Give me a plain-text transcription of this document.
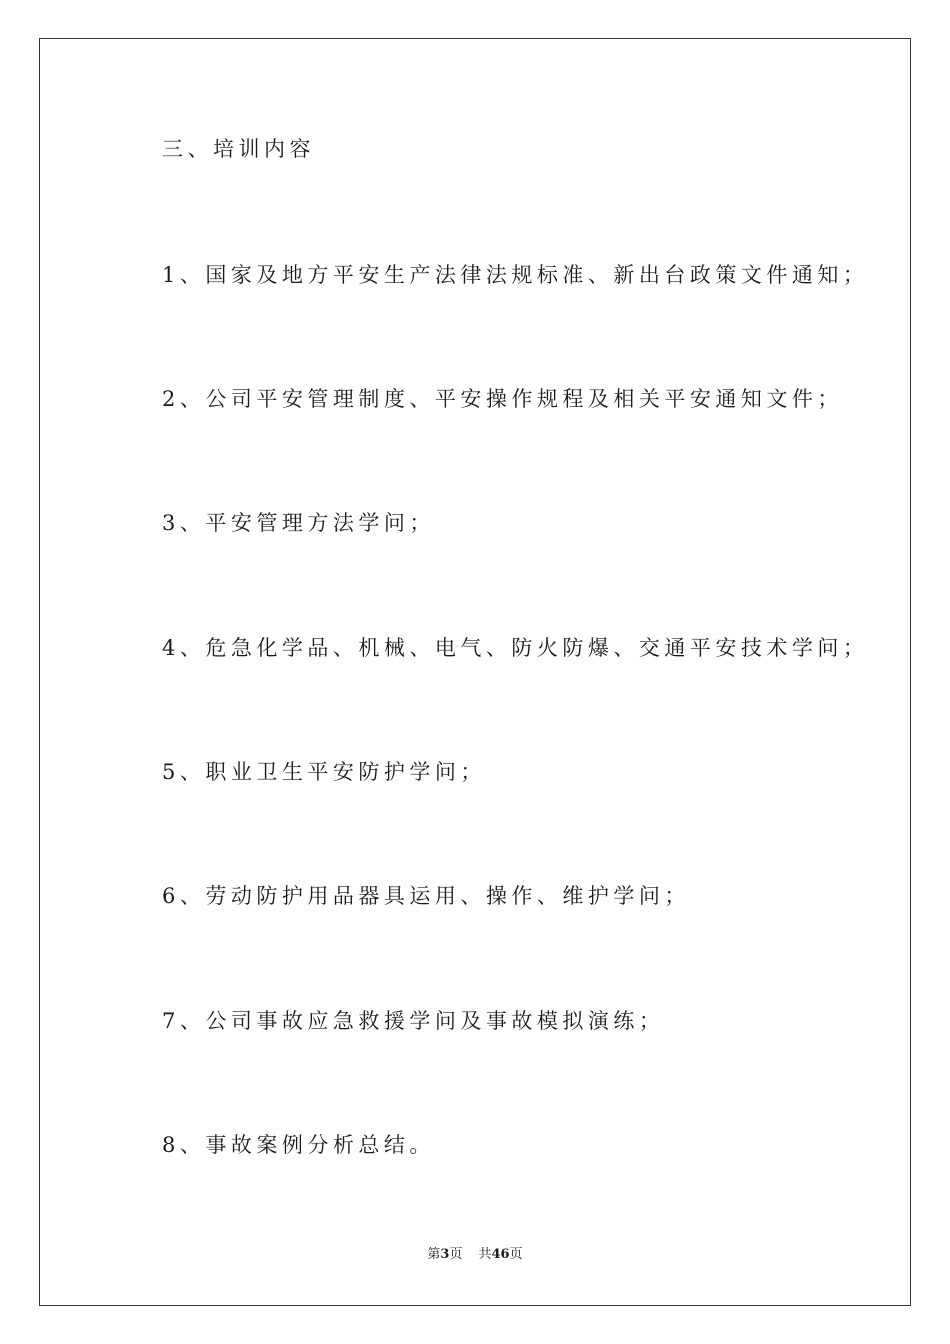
三、培训内容
1、国家及地方平安生产法律法规标准、新出台政策文件通知；
2、公司平安管理制度、平安操作规程及相关平安通知文件；
3、平安管理方法学问；
4、危急化学品、机械、电气、防火防爆、交通平安技术学问；
5、职业卫生平安防护学问；
6、劳动防护用品器具运用、操作、维护学问；
7、公司事故应急救援学问及事故模拟演练；
8、事故案例分析总结。
第3页 共46页
